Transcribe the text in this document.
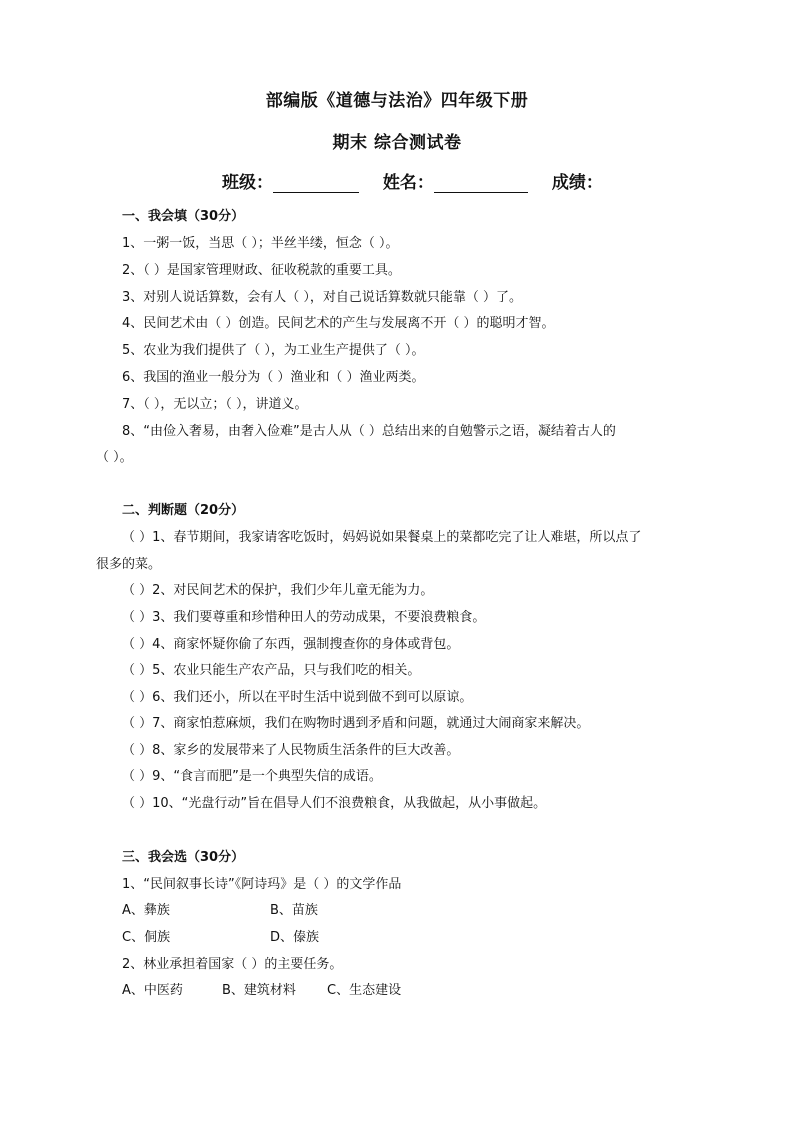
部编版《道德与法治》四年级下册
期末 综合测试卷
班级：	姓名：	成绩：
一、我会填（30分）
1、一粥一饭，当思（ ）；半丝半缕，恒念（ ）。
2、（ ）是国家管理财政、征收税款的重要工具。
3、对别人说话算数，会有人（ ），对自己说话算数就只能靠（ ）了。
4、民间艺术由（ ）创造。民间艺术的产生与发展离不开（ ）的聪明才智。
5、农业为我们提供了（ ），为工业生产提供了（ ）。
6、我国的渔业一般分为（ ）渔业和（ ）渔业两类。
7、（ ），无以立；（ ），讲道义。
8、“由俭入奢易，由奢入俭难”是古人从（ ）总结出来的自勉警示之语，凝结着古人的
（ ）。
二、判断题（20分）
（ ）1、春节期间，我家请客吃饭时，妈妈说如果餐桌上的菜都吃完了让人难堪，所以点了
很多的菜。
（ ）2、对民间艺术的保护，我们少年儿童无能为力。
（ ）3、我们要尊重和珍惜种田人的劳动成果，不要浪费粮食。
（ ）4、商家怀疑你偷了东西，强制搜查你的身体或背包。
（ ）5、农业只能生产农产品，只与我们吃的相关。
（ ）6、我们还小，所以在平时生活中说到做不到可以原谅。
（ ）7、商家怕惹麻烦，我们在购物时遇到矛盾和问题，就通过大闹商家来解决。
（ ）8、家乡的发展带来了人民物质生活条件的巨大改善。
（ ）9、“食言而肥”是一个典型失信的成语。
（ ）10、“光盘行动”旨在倡导人们不浪费粮食，从我做起，从小事做起。
三、我会选（30分）
1、“民间叙事长诗”《阿诗玛》是（ ）的文学作品
A、彝族	B、苗族
C、侗族	D、傣族
2、林业承担着国家（ ）的主要任务。
A、中医药	B、建筑材料 C、生态建设
